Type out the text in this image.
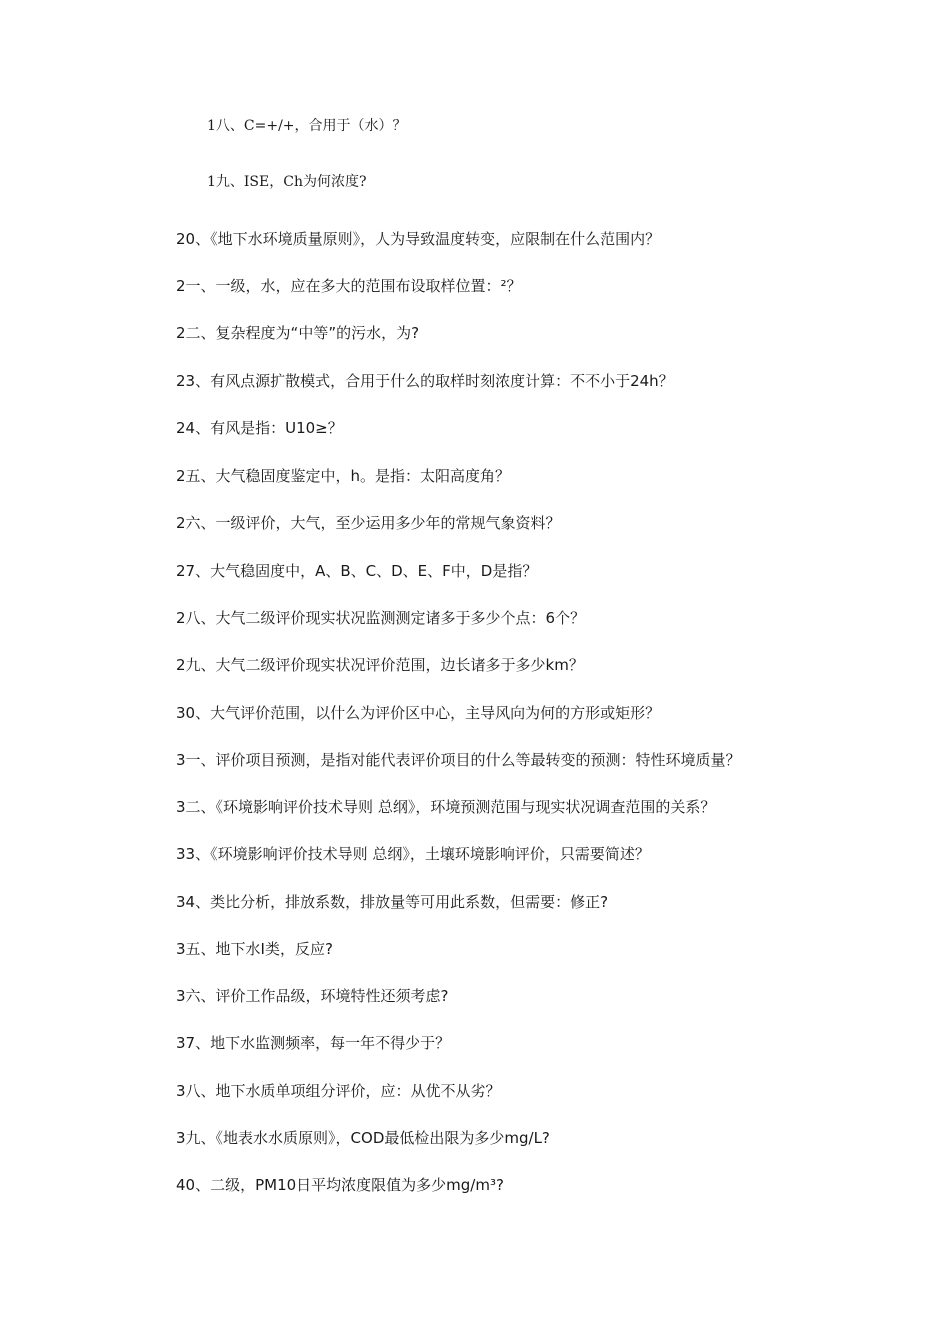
1八、C=+/+，合用于（水）？
1九、ISE，Ch为何浓度?
20、《地下水环境质量原则》，人为导致温度转变，应限制在什么范围内？
2一、一级，水，应在多大的范围布设取样位置：²？
2二、复杂程度为“中等”的污水，为?
23、有风点源扩散模式，合用于什么的取样时刻浓度计算：不不小于24h？
24、有风是指：U10≥？
2五、大气稳固度鉴定中，h。是指：太阳高度角？
2六、一级评价，大气，至少运用多少年的常规气象资料？
27、大气稳固度中，A、B、C、D、E、F中，D是指？
2八、大气二级评价现实状况监测测定诸多于多少个点：6个？
2九、大气二级评价现实状况评价范围，边长诸多于多少km？
30、大气评价范围，以什么为评价区中心，主导风向为何的方形或矩形？
3一、评价项目预测，是指对能代表评价项目的什么等最转变的预测：特性环境质量？
3二、《环境影响评价技术导则 总纲》，环境预测范围与现实状况调查范围的关系？
33、《环境影响评价技术导则 总纲》，土壤环境影响评价，只需要简述？
34、类比分析，排放系数，排放量等可用此系数，但需要：修正?
3五、地下水Ⅰ类，反应?
3六、评价工作品级，环境特性还须考虑?
37、地下水监测频率，每一年不得少于？
3八、地下水质单项组分评价，应：从优不从劣？
3九、《地表水水质原则》，COD最低检出限为多少mg/L?
40、二级，PM10日平均浓度限值为多少mg/m³?
